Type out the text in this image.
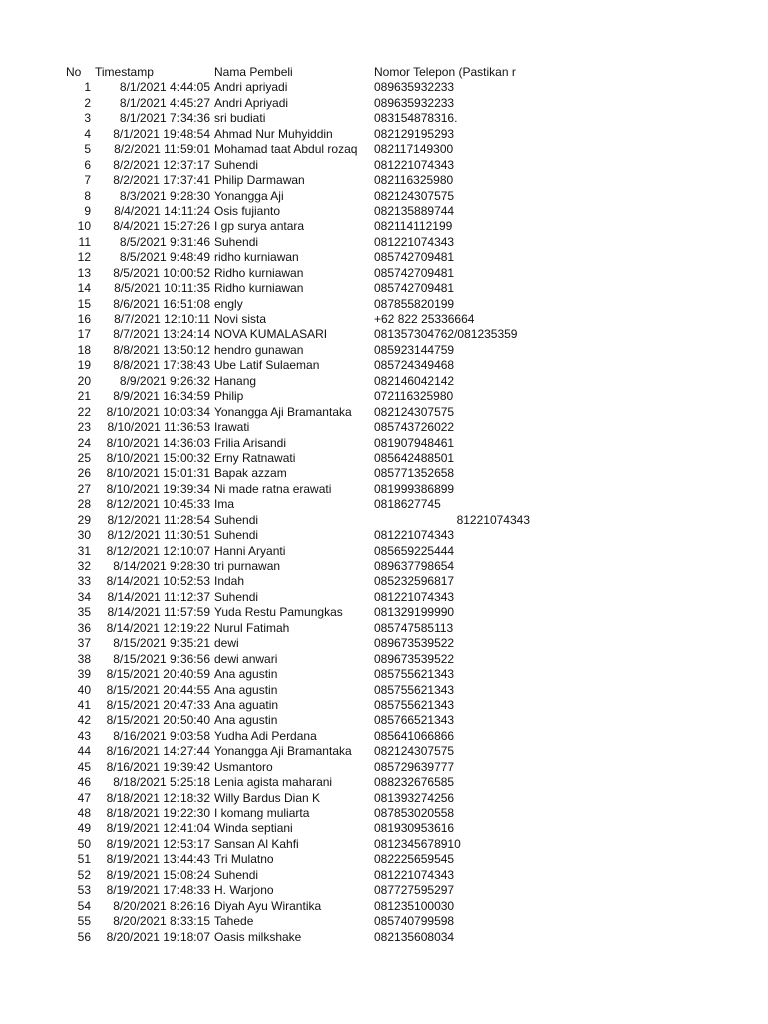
No	Timestamp	Nama Pembeli	Nomor Telepon (Pastikan r
1	8/1/2021 4:44:05 Andri apriyadi	089635932233
2	8/1/2021 4:45:27 Andri Apriyadi	089635932233
3	8/1/2021 7:34:36 sri budiati	083154878316.
4	8/1/2021 19:48:54 Ahmad Nur Muhyiddin	082129195293
5	8/2/2021 11:59:01 Mohamad taat Abdul rozaq	082117149300
6	8/2/2021 12:37:17 Suhendi	081221074343
7	8/2/2021 17:37:41 Philip Darmawan	082116325980
8	8/3/2021 9:28:30 Yonangga Aji	082124307575
9	8/4/2021 14:11:24 Osis fujianto	082135889744
10	8/4/2021 15:27:26 I gp surya antara	082114112199
11	8/5/2021 9:31:46 Suhendi	081221074343
12	8/5/2021 9:48:49 ridho kurniawan	085742709481
13	8/5/2021 10:00:52 Ridho kurniawan	085742709481
14	8/5/2021 10:11:35 Ridho kurniawan	085742709481
15	8/6/2021 16:51:08 engly	087855820199
16	8/7/2021 12:10:11 Novi sista	+62 822 25336664
17	8/7/2021 13:24:14 NOVA KUMALASARI	081357304762/081235359
18	8/8/2021 13:50:12 hendro gunawan	085923144759
19	8/8/2021 17:38:43 Ube Latif Sulaeman	085724349468
20	8/9/2021 9:26:32 Hanang	082146042142
21	8/9/2021 16:34:59 Philip	072116325980
22	8/10/2021 10:03:34 Yonangga Aji Bramantaka	082124307575
23	8/10/2021 11:36:53 Irawati	085743726022
24	8/10/2021 14:36:03 Frilia Arisandi	081907948461
25	8/10/2021 15:00:32 Erny Ratnawati	085642488501
26	8/10/2021 15:01:31 Bapak azzam	085771352658
27	8/10/2021 19:39:34 Ni made ratna erawati	081999386899
28	8/12/2021 10:45:33 Ima	0818627745
29	8/12/2021 11:28:54 Suhendi	81221074343
30	8/12/2021 11:30:51 Suhendi	081221074343
31	8/12/2021 12:10:07 Hanni Aryanti	085659225444
32	8/14/2021 9:28:30 tri purnawan	089637798654
33	8/14/2021 10:52:53 Indah	085232596817
34	8/14/2021 11:12:37 Suhendi	081221074343
35	8/14/2021 11:57:59 Yuda Restu Pamungkas	081329199990
36	8/14/2021 12:19:22 Nurul Fatimah	085747585113
37	8/15/2021 9:35:21 dewi	089673539522
38	8/15/2021 9:36:56 dewi anwari	089673539522
39	8/15/2021 20:40:59 Ana agustin	085755621343
40	8/15/2021 20:44:55 Ana agustin	085755621343
41	8/15/2021 20:47:33 Ana aguatin	085755621343
42	8/15/2021 20:50:40 Ana agustin	085766521343
43	8/16/2021 9:03:58 Yudha Adi Perdana	085641066866
44	8/16/2021 14:27:44 Yonangga Aji Bramantaka	082124307575
45	8/16/2021 19:39:42 Usmantoro	085729639777
46	8/18/2021 5:25:18 Lenia agista maharani	088232676585
47	8/18/2021 12:18:32 Willy Bardus Dian K	081393274256
48	8/18/2021 19:22:30 I komang muliarta	087853020558
49	8/19/2021 12:41:04 Winda septiani	081930953616
50	8/19/2021 12:53:17 Sansan Al Kahfi	0812345678910
51	8/19/2021 13:44:43 Tri Mulatno	082225659545
52	8/19/2021 15:08:24 Suhendi	081221074343
53	8/19/2021 17:48:33 H. Warjono	087727595297
54	8/20/2021 8:26:16 Diyah Ayu Wirantika	081235100030
55	8/20/2021 8:33:15 Tahede	085740799598
56	8/20/2021 19:18:07 Oasis milkshake	082135608034
